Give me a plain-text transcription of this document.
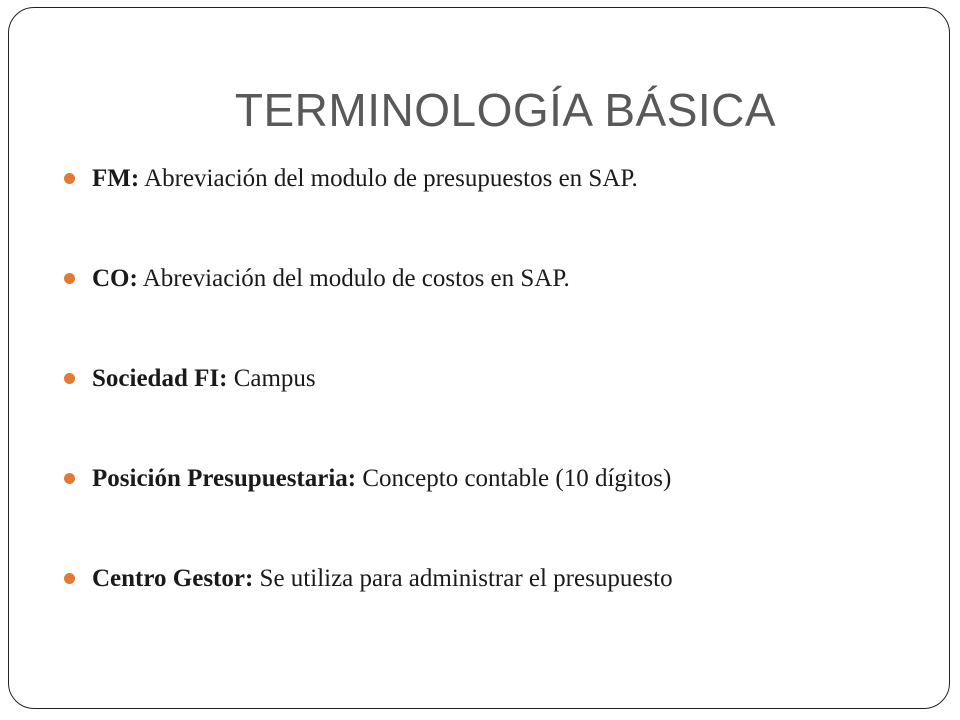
TERMINOLOGÍA BÁSICA
FM: Abreviación del modulo de presupuestos en SAP.
CO: Abreviación del modulo de costos en SAP.
Sociedad FI: Campus
Posición Presupuestaria: Concepto contable (10 dígitos)
Centro Gestor: Se utiliza para administrar el presupuesto
